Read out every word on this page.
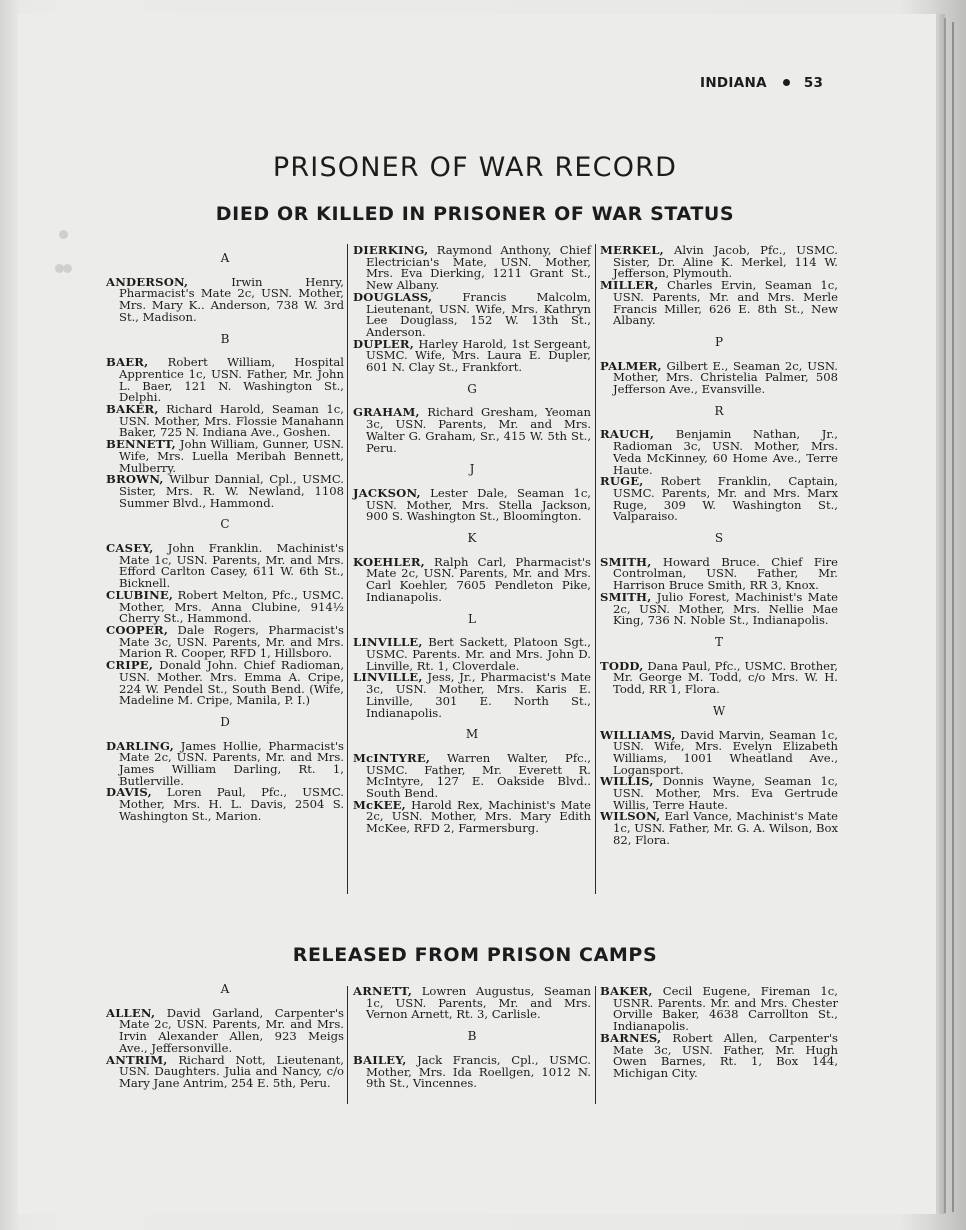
INDIANA	53
PRISONER OF WAR RECORD
DIED OR KILLED IN PRISONER OF WAR STATUS
A
ANDERSON, Irwin Henry, Pharmacist's Mate 2c, USN. Mother, Mrs. Mary K.. Anderson, 738 W. 3rd St., Madison.
B
BAER, Robert William, Hospital Apprentice 1c, USN. Father, Mr. John L. Baer, 121 N. Washington St., Delphi.
BAKER, Richard Harold, Seaman 1c, USN. Mother, Mrs. Flossie Manahann Baker, 725 N. Indiana Ave., Goshen.
BENNETT, John William, Gunner, USN. Wife, Mrs. Luella Meribah Bennett, Mulberry.
BROWN, Wilbur Dannial, Cpl., USMC. Sister, Mrs. R. W. Newland, 1108 Summer Blvd., Hammond.
C
CASEY, John Franklin. Machinist's Mate 1c, USN. Parents, Mr. and Mrs. Efford Carlton Casey, 611 W. 6th St., Bicknell.
CLUBINE, Robert Melton, Pfc., USMC. Mother, Mrs. Anna Clubine, 914½ Cherry St., Hammond.
COOPER, Dale Rogers, Pharmacist's Mate 3c, USN. Parents, Mr. and Mrs. Marion R. Cooper, RFD 1, Hillsboro.
CRIPE, Donald John. Chief Radioman, USN. Mother. Mrs. Emma A. Cripe, 224 W. Pendel St., South Bend. (Wife, Madeline M. Cripe, Manila, P. I.)
D
DARLING, James Hollie, Pharmacist's Mate 2c, USN. Parents, Mr. and Mrs. James William Darling, Rt. 1, Butlerville.
DAVIS, Loren Paul, Pfc., USMC. Mother, Mrs. H. L. Davis, 2504 S. Washington St., Marion.
DIERKING, Raymond Anthony, Chief Electrician's Mate, USN. Mother, Mrs. Eva Dierking, 1211 Grant St., New Albany.
DOUGLASS, Francis Malcolm, Lieutenant, USN. Wife, Mrs. Kathryn Lee Douglass, 152 W. 13th St., Anderson.
DUPLER, Harley Harold, 1st Sergeant, USMC. Wife, Mrs. Laura E. Dupler, 601 N. Clay St., Frankfort.
G
GRAHAM, Richard Gresham, Yeoman 3c, USN. Parents, Mr. and Mrs. Walter G. Graham, Sr., 415 W. 5th St., Peru.
J
JACKSON, Lester Dale, Seaman 1c, USN. Mother, Mrs. Stella Jackson, 900 S. Washington St., Bloomington.
K
KOEHLER, Ralph Carl, Pharmacist's Mate 2c, USN. Parents, Mr. and Mrs. Carl Koehler, 7605 Pendleton Pike, Indianapolis.
L
LINVILLE, Bert Sackett, Platoon Sgt., USMC. Parents. Mr. and Mrs. John D. Linville, Rt. 1, Cloverdale.
LINVILLE, Jess, Jr., Pharmacist's Mate 3c, USN. Mother, Mrs. Karis E. Linville, 301 E. North St., Indianapolis.
M
McINTYRE, Warren Walter, Pfc., USMC. Father, Mr. Everett R. McIntyre, 127 E. Oakside Blvd.. South Bend.
McKEE, Harold Rex, Machinist's Mate 2c, USN. Mother, Mrs. Mary Edith McKee, RFD 2, Farmersburg.
MERKEL, Alvin Jacob, Pfc., USMC. Sister, Dr. Aline K. Merkel, 114 W. Jefferson, Plymouth.
MILLER, Charles Ervin, Seaman 1c, USN. Parents, Mr. and Mrs. Merle Francis Miller, 626 E. 8th St., New Albany.
P
PALMER, Gilbert E., Seaman 2c, USN. Mother, Mrs. Christelia Palmer, 508 Jefferson Ave., Evansville.
R
RAUCH, Benjamin Nathan, Jr., Radioman 3c, USN. Mother, Mrs. Veda McKinney, 60 Home Ave., Terre Haute.
RUGE, Robert Franklin, Captain, USMC. Parents, Mr. and Mrs. Marx Ruge, 309 W. Washington St., Valparaiso.
S
SMITH, Howard Bruce. Chief Fire Controlman, USN. Father, Mr. Harrison Bruce Smith, RR 3, Knox.
SMITH, Julio Forest, Machinist's Mate 2c, USN. Mother, Mrs. Nellie Mae King, 736 N. Noble St., Indianapolis.
T
TODD, Dana Paul, Pfc., USMC. Brother, Mr. George M. Todd, c/o Mrs. W. H. Todd, RR 1, Flora.
W
WILLIAMS, David Marvin, Seaman 1c, USN. Wife, Mrs. Evelyn Elizabeth Williams, 1001 Wheatland Ave., Logansport.
WILLIS, Donnis Wayne, Seaman 1c, USN. Mother, Mrs. Eva Gertrude Willis, Terre Haute.
WILSON, Earl Vance, Machinist's Mate 1c, USN. Father, Mr. G. A. Wilson, Box 82, Flora.
RELEASED FROM PRISON CAMPS
A
ALLEN, David Garland, Carpenter's Mate 2c, USN. Parents, Mr. and Mrs. Irvin Alexander Allen, 923 Meigs Ave., Jeffersonville.
ANTRIM, Richard Nott, Lieutenant, USN. Daughters. Julia and Nancy, c/o Mary Jane Antrim, 254 E. 5th, Peru.
ARNETT, Lowren Augustus, Seaman 1c, USN. Parents, Mr. and Mrs. Vernon Arnett, Rt. 3, Carlisle.
B
BAILEY, Jack Francis, Cpl., USMC. Mother, Mrs. Ida Roellgen, 1012 N. 9th St., Vincennes.
BAKER, Cecil Eugene, Fireman 1c, USNR. Parents. Mr. and Mrs. Chester Orville Baker, 4638 Carrollton St., Indianapolis.
BARNES, Robert Allen, Carpenter's Mate 3c, USN. Father, Mr. Hugh Owen Barnes, Rt. 1, Box 144, Michigan City.
